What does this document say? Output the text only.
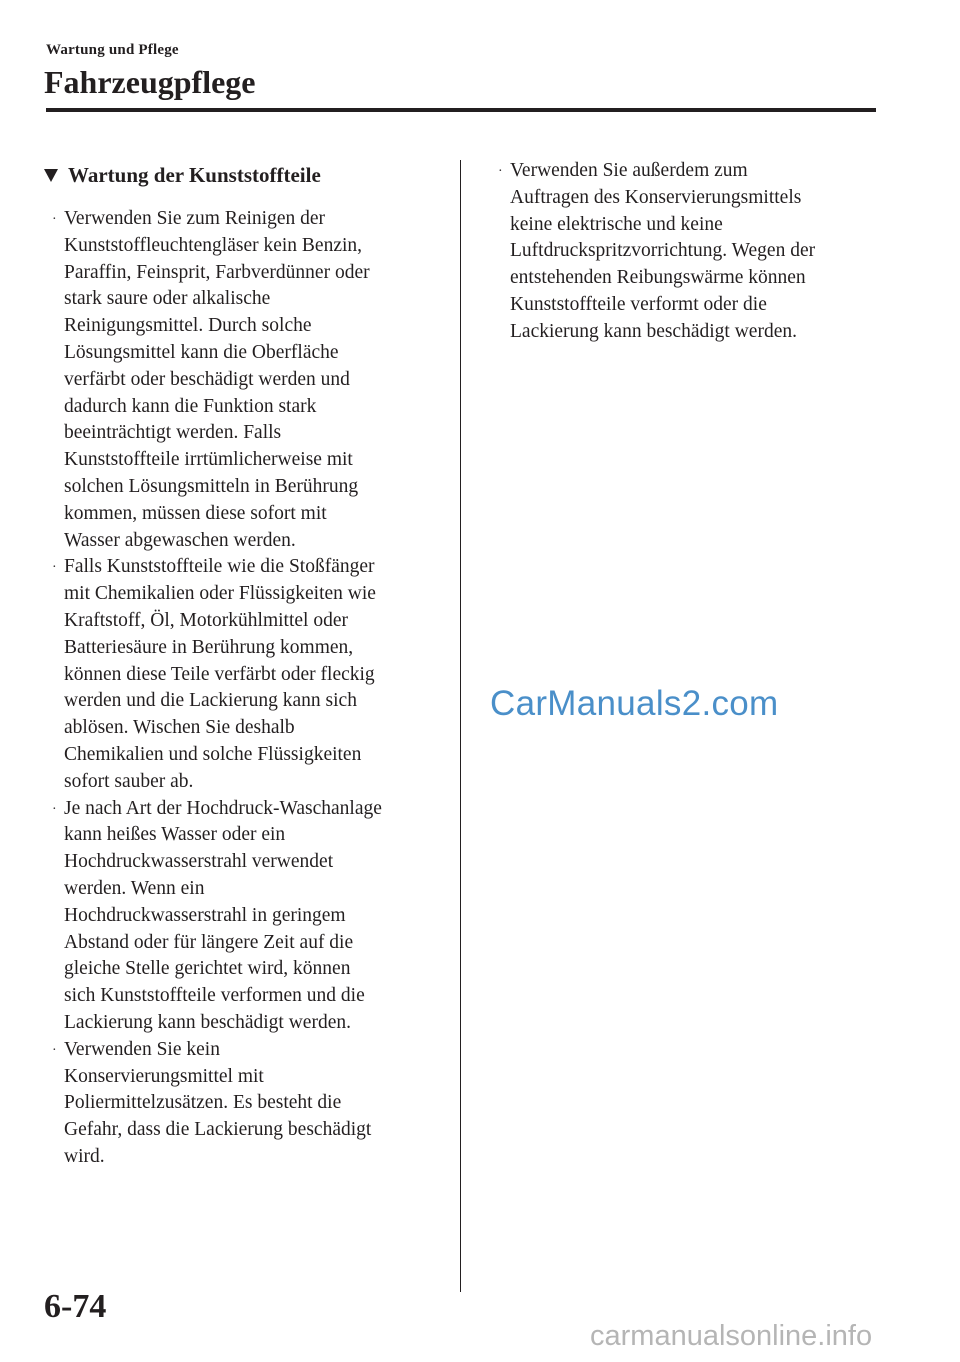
Wartung und Pflege
Fahrzeugpflege
Wartung der Kunststoffteile
· Verwenden Sie zum Reinigen der
Kunststoffleuchtengläser kein Benzin,
Paraffin, Feinsprit, Farbverdünner oder
stark saure oder alkalische
Reinigungsmittel. Durch solche
Lösungsmittel kann die Oberfläche
verfärbt oder beschädigt werden und
dadurch kann die Funktion stark
beeinträchtigt werden. Falls
Kunststoffteile irrtümlicherweise mit
solchen Lösungsmitteln in Berührung
kommen, müssen diese sofort mit
Wasser abgewaschen werden.
· Falls Kunststoffteile wie die Stoßfänger
mit Chemikalien oder Flüssigkeiten wie
Kraftstoff, Öl, Motorkühlmittel oder
Batteriesäure in Berührung kommen,
können diese Teile verfärbt oder fleckig
werden und die Lackierung kann sich
ablösen. Wischen Sie deshalb
Chemikalien und solche Flüssigkeiten
sofort sauber ab.
· Je nach Art der Hochdruck-Waschanlage
kann heißes Wasser oder ein
Hochdruckwasserstrahl verwendet
werden. Wenn ein
Hochdruckwasserstrahl in geringem
Abstand oder für längere Zeit auf die
gleiche Stelle gerichtet wird, können
sich Kunststoffteile verformen und die
Lackierung kann beschädigt werden.
· Verwenden Sie kein
Konservierungsmittel mit
Poliermittelzusätzen. Es besteht die
Gefahr, dass die Lackierung beschädigt
wird.
· Verwenden Sie außerdem zum
Auftragen des Konservierungsmittels
keine elektrische und keine
Luftdruckspritzvorrichtung. Wegen der
entstehenden Reibungswärme können
Kunststoffteile verformt oder die
Lackierung kann beschädigt werden.
CarManuals2.com
6-74
carmanualsonline.info
